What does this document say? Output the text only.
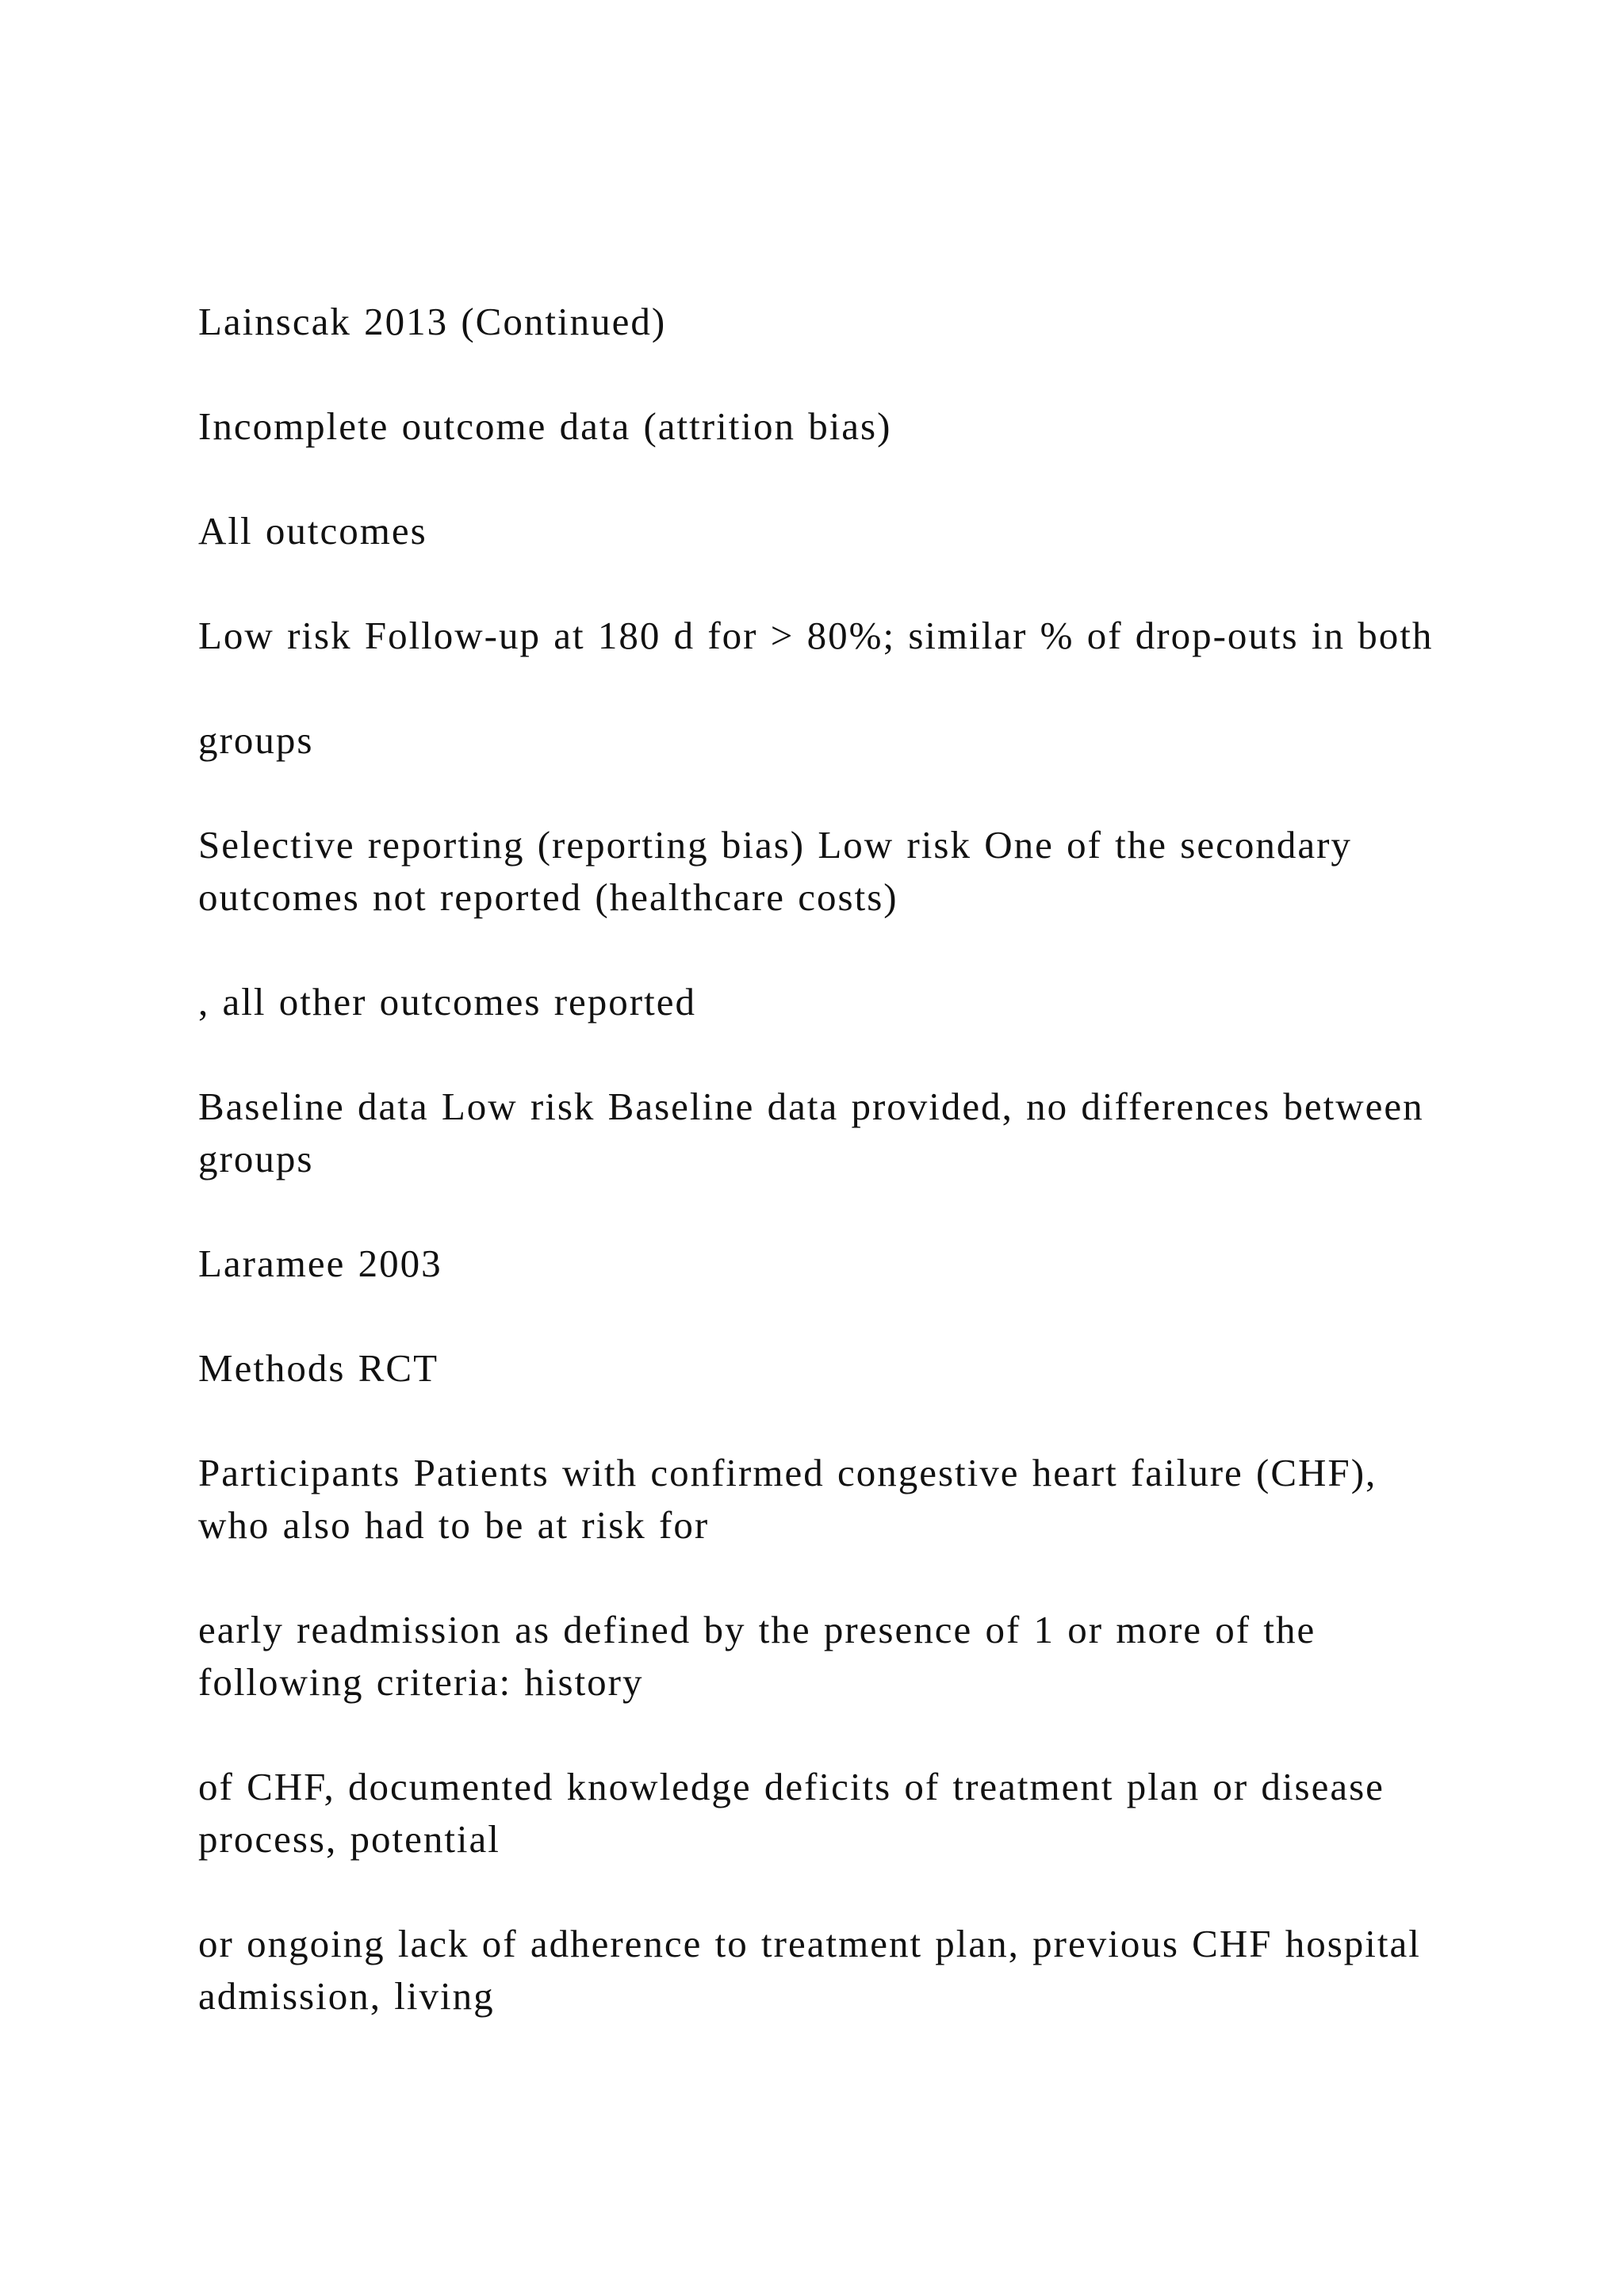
Lainscak 2013 (Continued)

Incomplete outcome data (attrition bias)

All outcomes

Low risk Follow-up at 180 d for > 80%; similar % of drop-outs in both

groups

Selective reporting (reporting bias) Low risk One of the secondary outcomes not reported (healthcare costs)

, all other outcomes reported

Baseline data Low risk Baseline data provided, no differences between groups

Laramee 2003

Methods RCT

Participants Patients with confirmed congestive heart failure (CHF), who also had to be at risk for

early readmission as defined by the presence of 1 or more of the following criteria: history

of CHF, documented knowledge deficits of treatment plan or disease process, potential

or ongoing lack of adherence to treatment plan, previous CHF hospital admission, living
